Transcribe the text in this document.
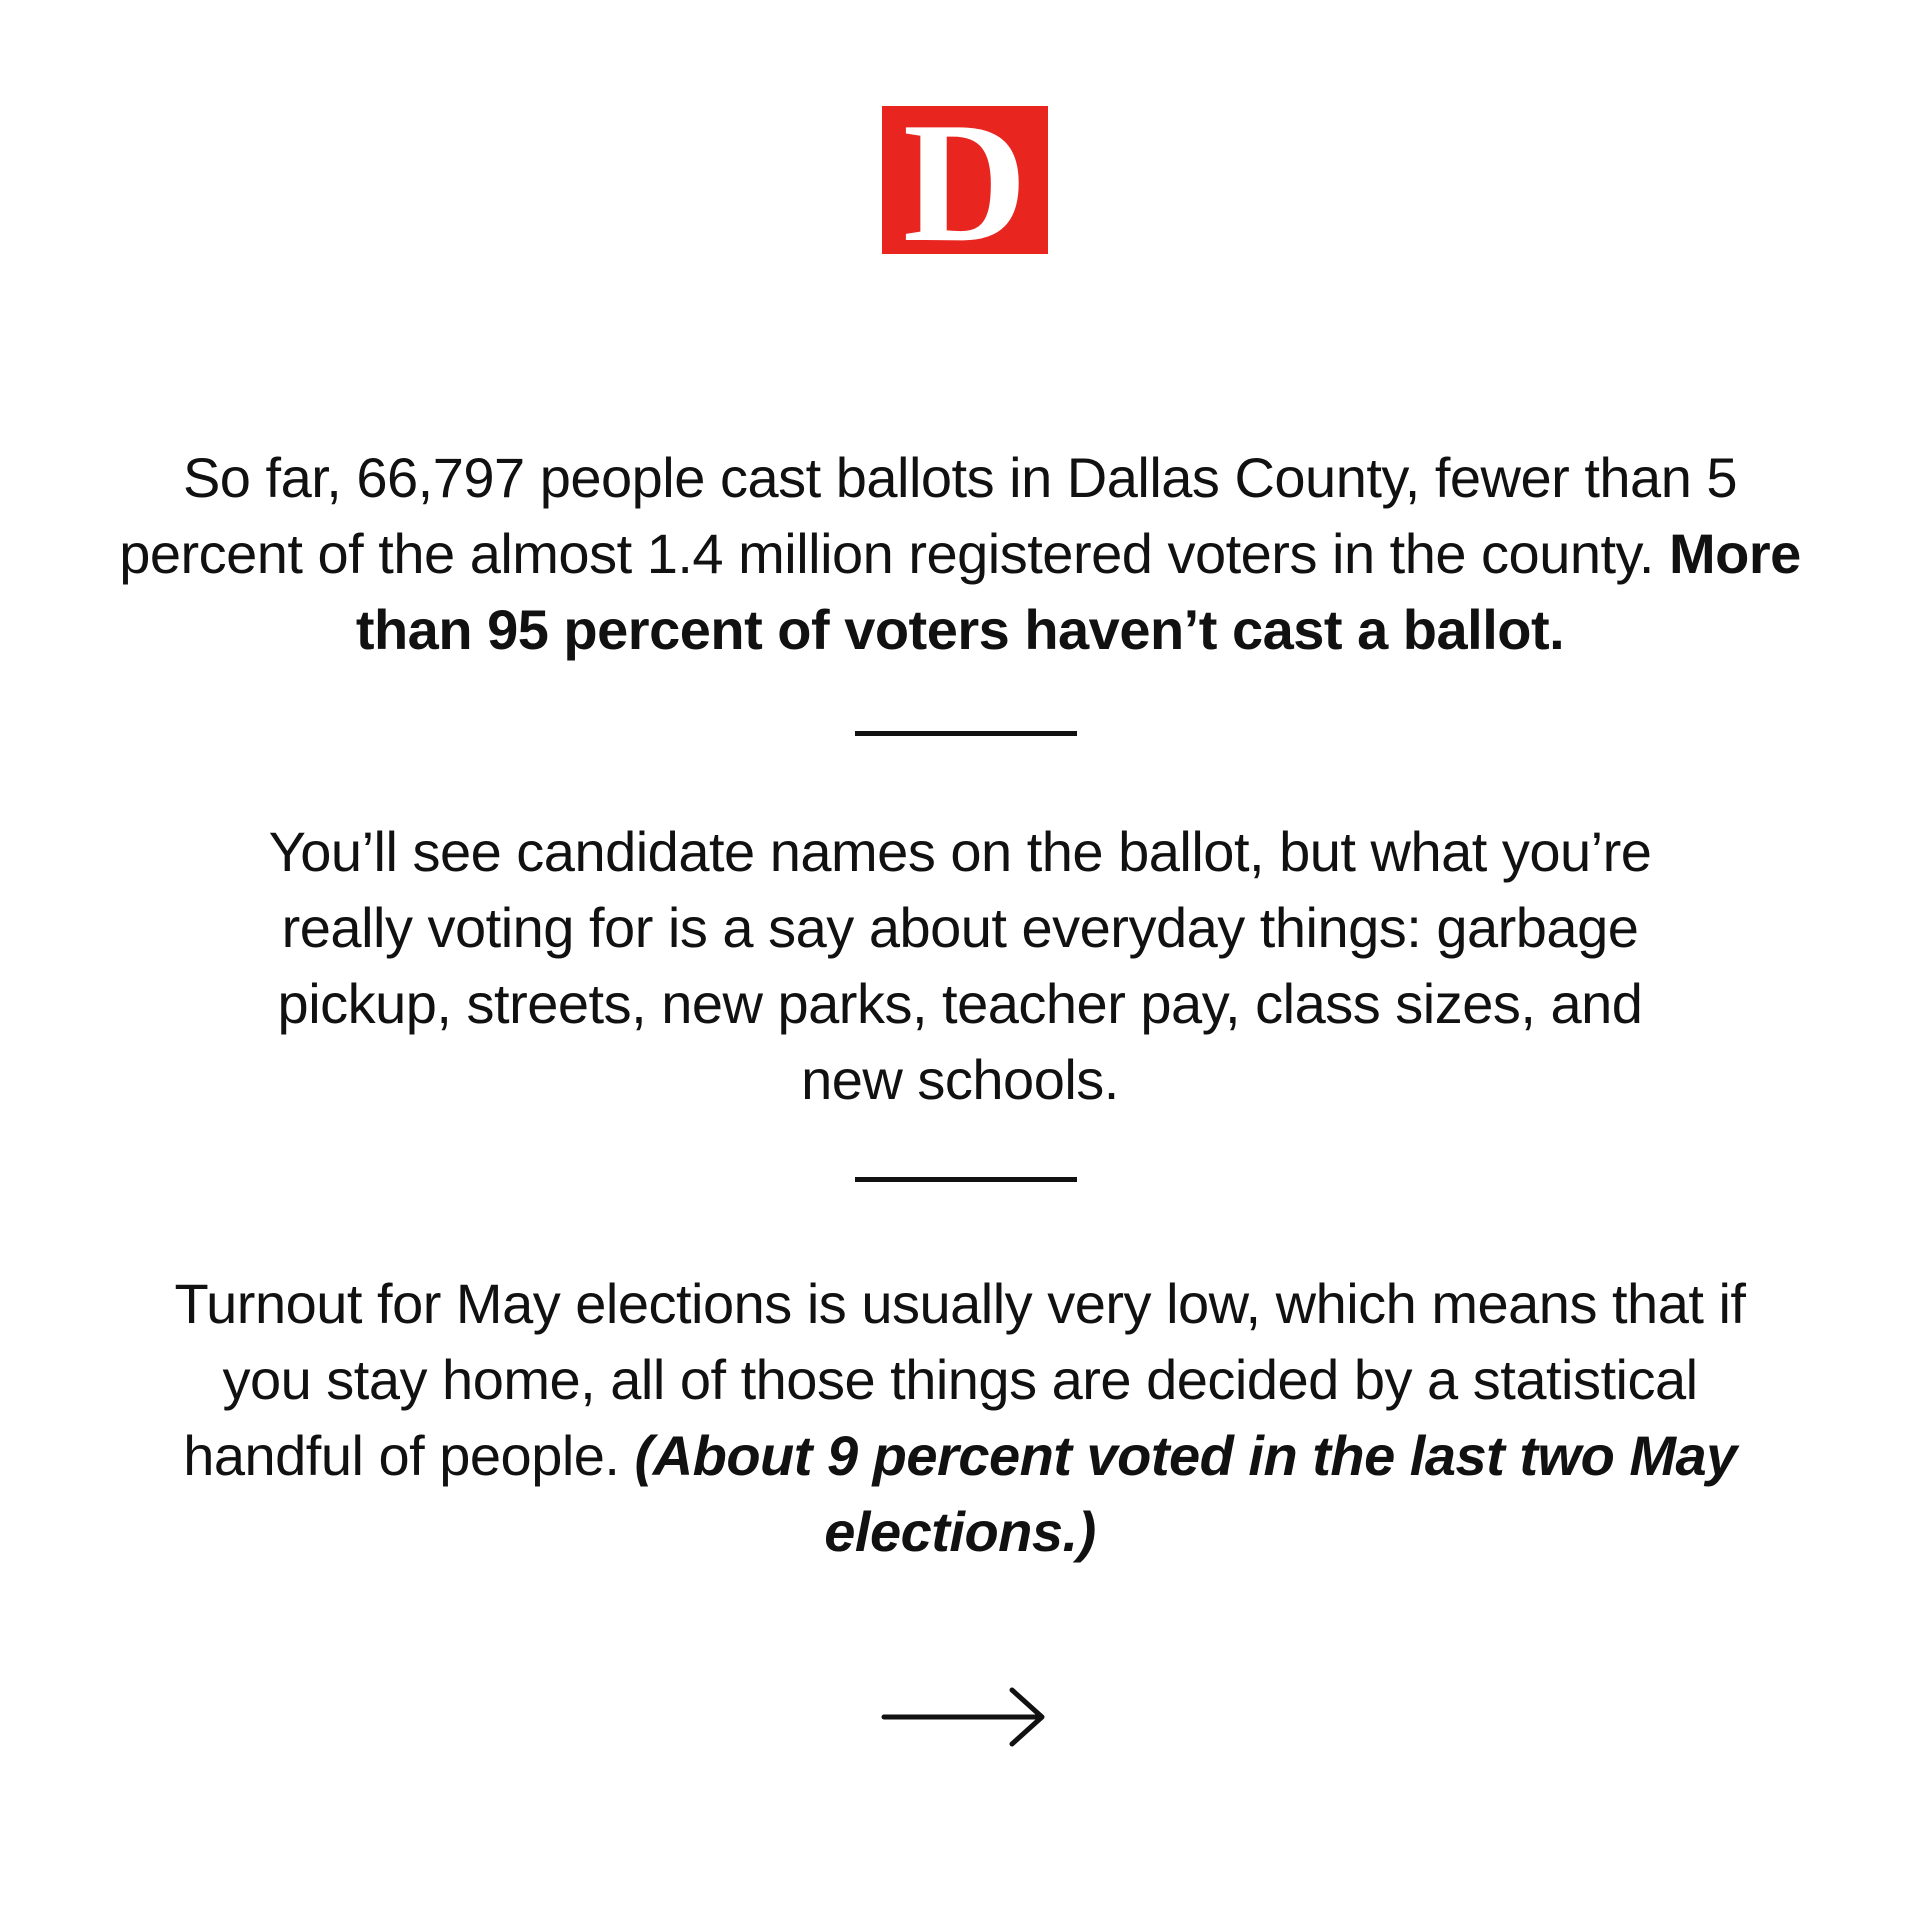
D
So far, 66,797 people cast ballots in Dallas County, fewer than 5 percent of the almost 1.4 million registered voters in the county. More than 95 percent of voters haven’t cast a ballot.
You’ll see candidate names on the ballot, but what you’re really voting for is a say about everyday things: garbage pickup, streets, new parks, teacher pay, class sizes, and new schools.
Turnout for May elections is usually very low, which means that if you stay home, all of those things are decided by a statistical handful of people. (About 9 percent voted in the last two May elections.)
